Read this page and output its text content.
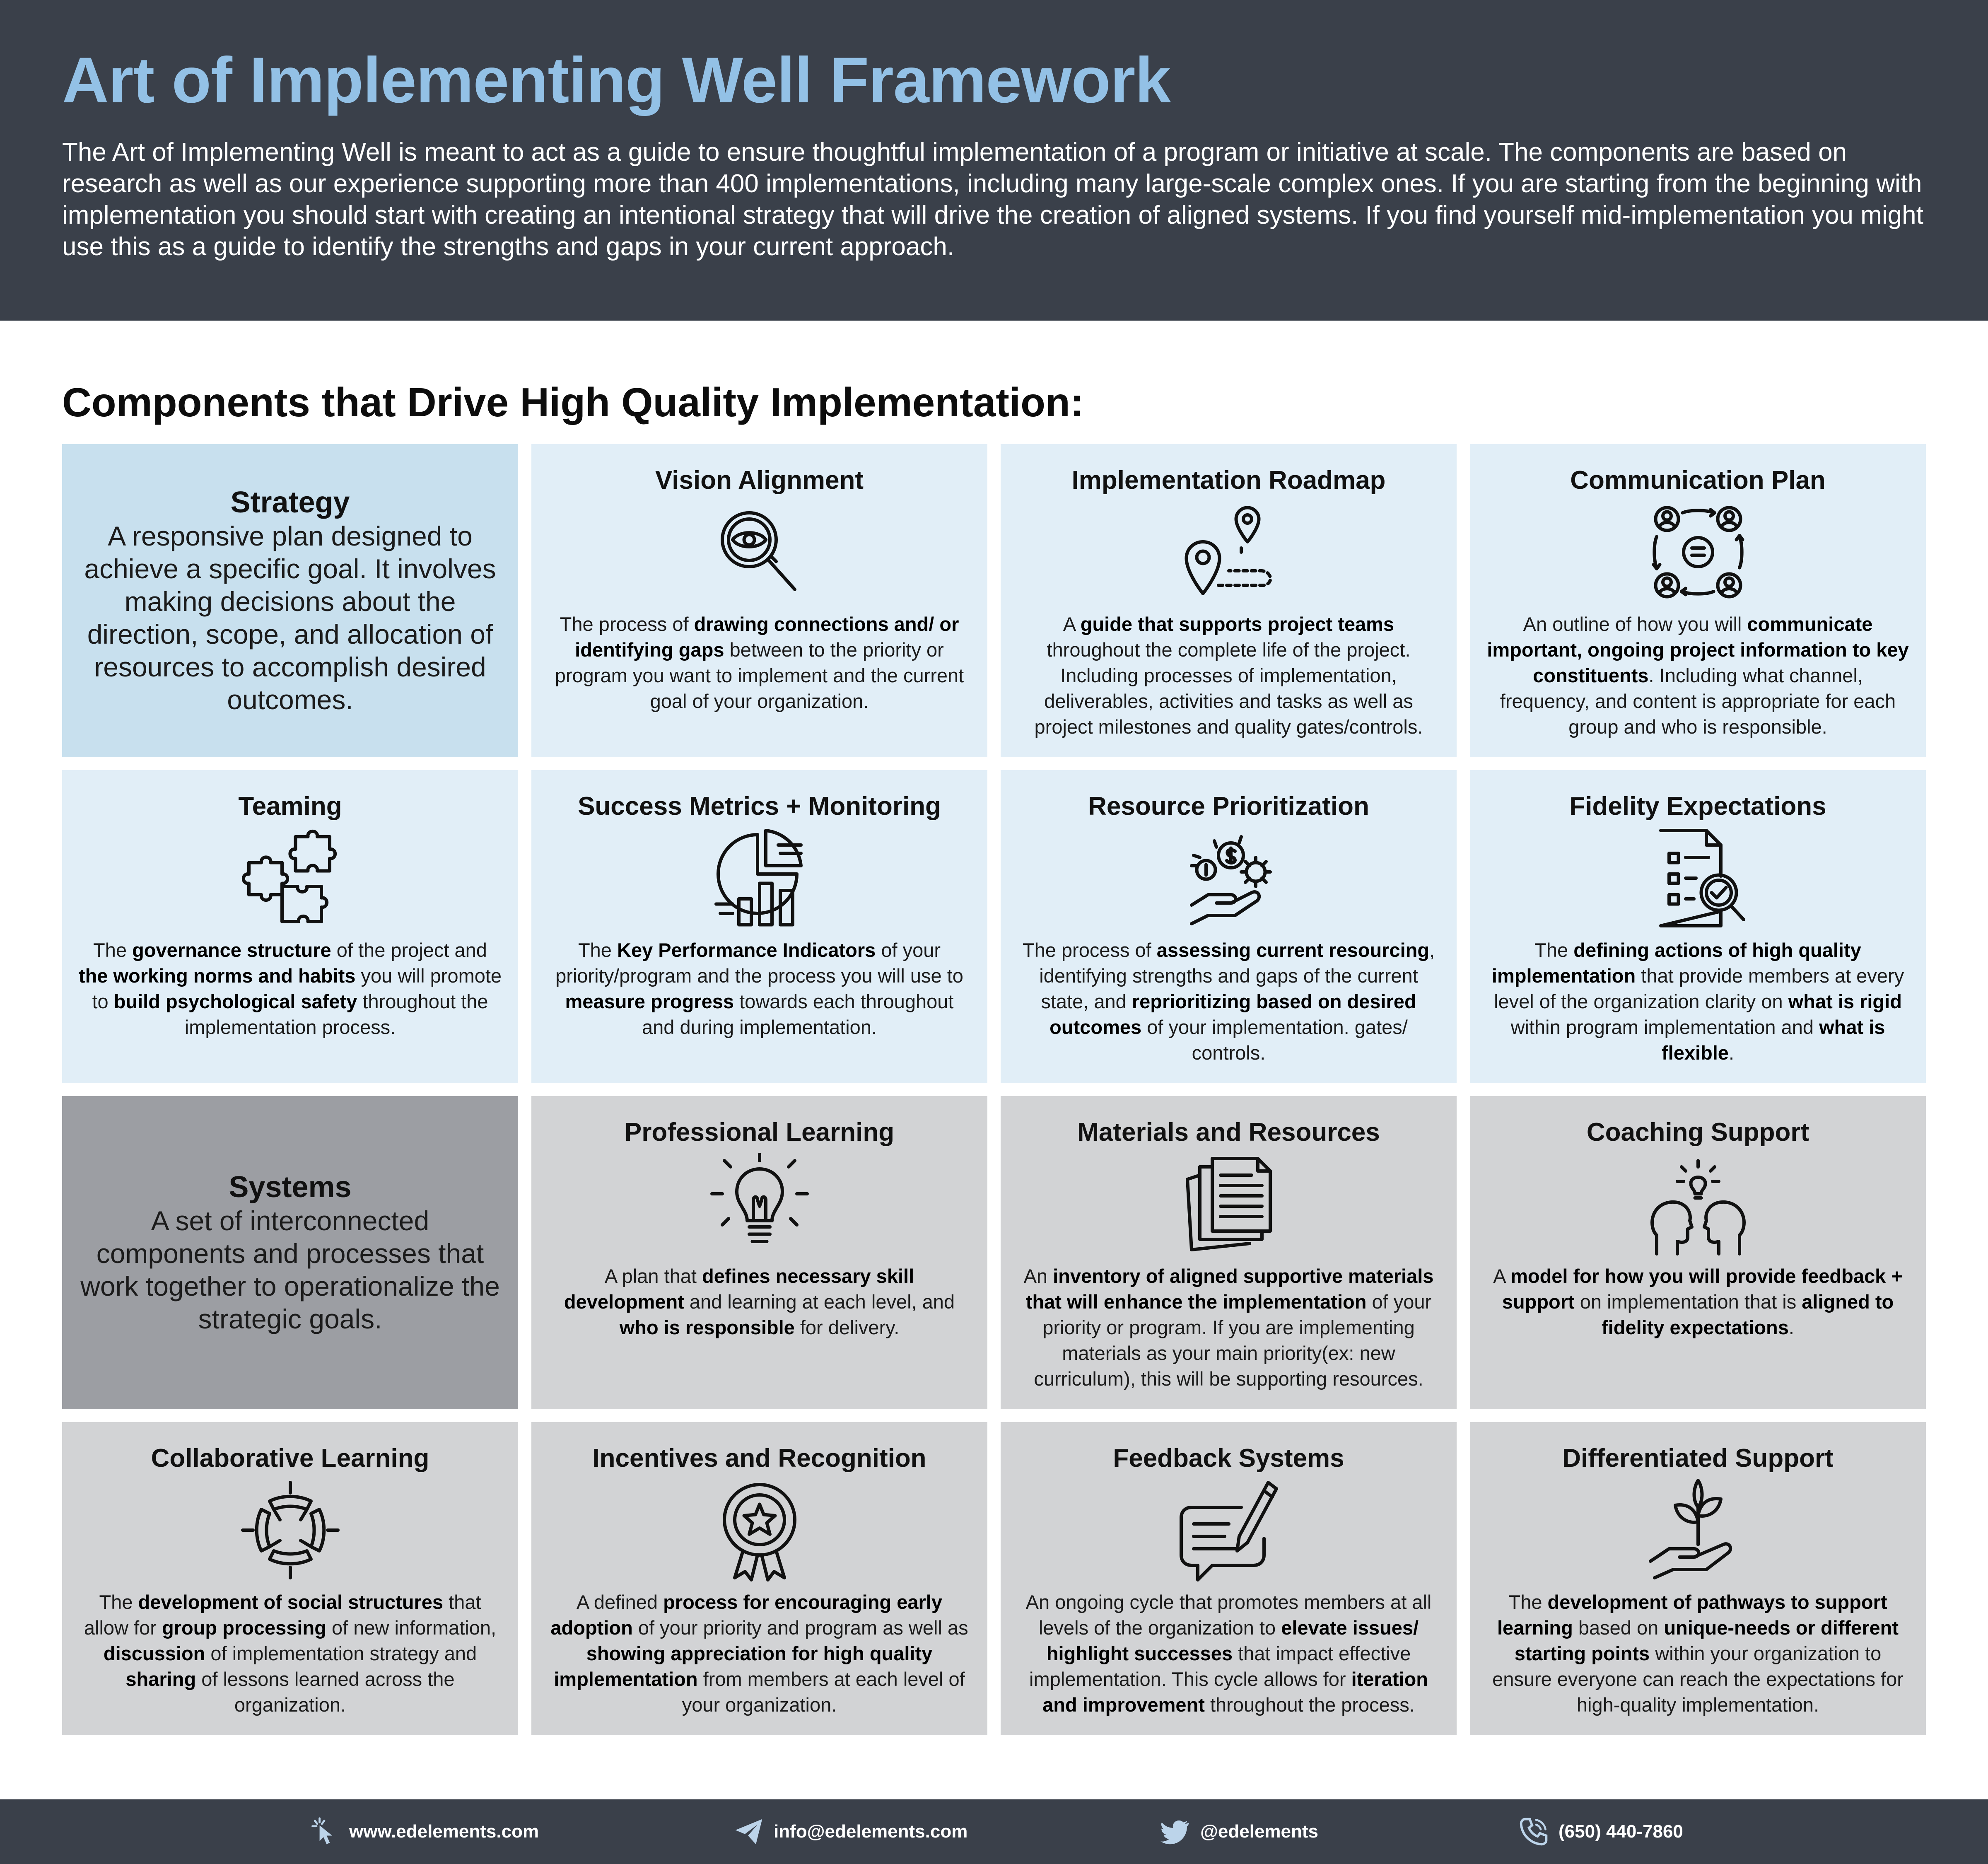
Art of Implementing Well Framework
The Art of Implementing Well is meant to act as a guide to ensure thoughtful implementation of a program or initiative at scale. The components are based on research as well as our experience supporting more than 400 implementations, including many large-scale complex ones. If you are starting from the beginning with implementation you should start with creating an intentional strategy that will drive the creation of aligned systems. If you find yourself mid-implementation you might use this as a guide to identify the strengths and gaps in your current approach.
Components that Drive High Quality Implementation:
Strategy
A responsive plan designed to achieve a specific goal. It involves making decisions about the direction, scope, and allocation of resources to accomplish desired outcomes.
Vision Alignment
The process of drawing connections and/ or identifying gaps between to the priority or program you want to implement and the current goal of your organization.
Implementation Roadmap
A guide that supports project teams throughout the complete life of the project. Including processes of implementation, deliverables, activities and tasks as well as project milestones and quality gates/controls.
Communication Plan
An outline of how you will communicate important, ongoing project information to key constituents. Including what channel, frequency, and content is appropriate for each group and who is responsible.
Teaming
The governance structure of the project and the working norms and habits you will promote to build psychological safety throughout the implementation process.
Success Metrics + Monitoring
The Key Performance Indicators of your priority/program and the process you will use to measure progress towards each throughout and during implementation.
Resource Prioritization
The process of assessing current resourcing, identifying strengths and gaps of the current state, and reprioritizing based on desired outcomes of your implementation. gates/ controls.
Fidelity Expectations
The defining actions of high quality implementation that provide members at every level of the organization clarity on what is rigid within program implementation and what is flexible.
Systems
A set of interconnected components and processes that work together to operationalize the strategic goals.
Professional Learning
A plan that defines necessary skill development and learning at each level, and who is responsible for delivery.
Materials and Resources
An inventory of aligned supportive materials that will enhance the implementation of your priority or program. If you are implementing materials as your main priority(ex: new curriculum), this will be supporting resources.
Coaching Support
A model for how you will provide feedback + support on implementation that is aligned to fidelity expectations.
Collaborative Learning
The development of social structures that allow for group processing of new information, discussion of implementation strategy and sharing of lessons learned across the organization.
Incentives and Recognition
A defined process for encouraging early adoption of your priority and program as well as showing appreciation for high quality implementation from members at each level of your organization.
Feedback Systems
An ongoing cycle that promotes members at all levels of the organization to elevate issues/ highlight successes that impact effective implementation. This cycle allows for iteration and improvement throughout the process.
Differentiated Support
The development of pathways to support learning based on unique-needs or different starting points within your organization to ensure everyone can reach the expectations for high-quality implementation.
www.edelements.com	info@edelements.com	@edelements	(650) 440-7860
